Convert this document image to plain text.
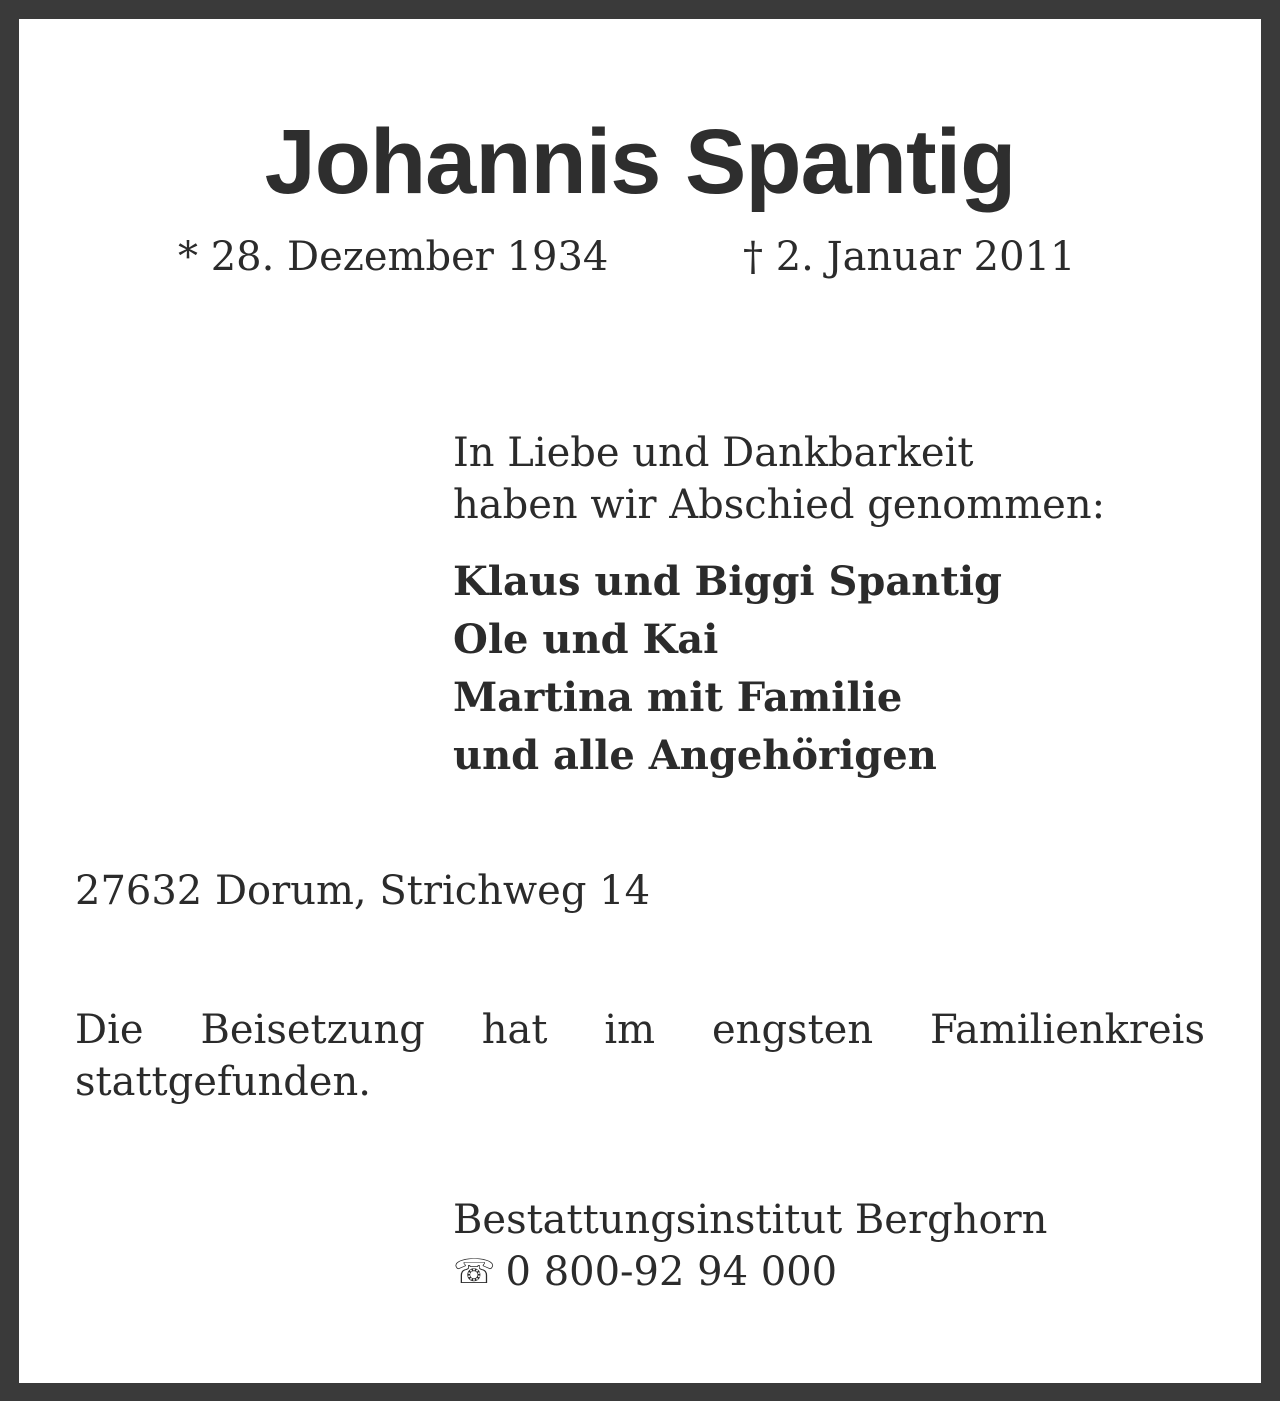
Johannis Spantig
* 28. Dezember 1934	† 2. Januar 2011
In Liebe und Dankbarkeit
haben wir Abschied genommen:
Klaus und Biggi Spantig
Ole und Kai
Martina mit Familie
und alle Angehörigen
27632 Dorum, Strichweg 14
Die Beisetzung hat im engsten Familienkreis stattgefunden.
Bestattungsinstitut Berghorn
☏ 0 800-92 94 000
